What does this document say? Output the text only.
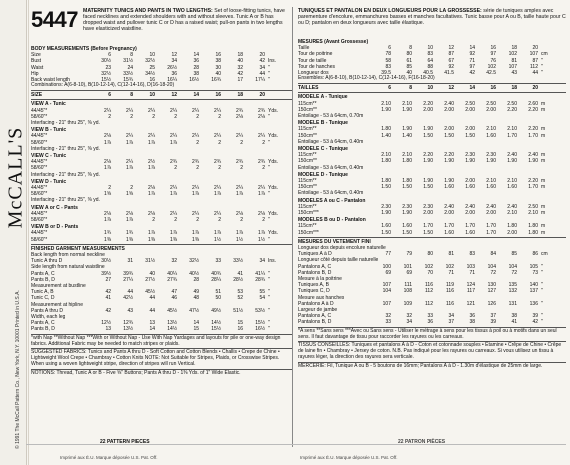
McCALL'S
© 1991 The McCall Pattern Co., New York, N.Y. 10001 Printed in U.S.A.
5447 MATERNITY TUNICS AND PANTS IN TWO LENGTHS: Set of loose-fitting tunics, have faced necklines and extended shoulders with and without sleeves. Tunic A or B has dropped waist and pullover tunic C or D has a raised waist; pull-on pants in two lengths have elasticized waistline.
BODY MEASUREMENTS (Before Pregnancy)
Size	6	8	10	12	14	16	18	20
Bust	30½	31½	32½	34	36	38	40	42 Ins.
Waist	23	24	25	26½	28	30	32	34 "
Hip	32½	33½	34½	36	38	40	42	44 "
Back waist length	15½	15¾	16	16¼	16½	16¾	17	17¼ "
Combinations: A(6-8-10), B(10-12-14), C(12-14-16), D(16-18-20)
SIZE	6	8	10	12	14	16	18	20
VIEW A - Tunic
44/45"*	2¼	2¼	2¼	2¼	2¼	2¼	2¾	2¾ Yds.
58/60"*	2	2	2	2	2	2	2⅛	2⅛ "
Interfacing - 21" thru 25", ⅜ yd.
VIEW B - Tunic
44/45"*	2⅛	2¼	2¼	2¼	2¼	2¼	2¼	2¼ Yds.
58/60"*	1⅞	1⅞	1⅞	1⅞	2	2	2	2 "
Interfacing - 21" thru 25", ⅜ yd.
VIEW C - Tunic
44/45"*	2⅛	2¼	2½	2¾	2¾	2¾	2¾	2¾ Yds.
58/60"*	1⅞	1⅞	1⅞	2	2	2	2	2 "
Interfacing - 21" thru 25", ⅜ yd.
VIEW D - Tunic
44/45"*	2	2	2⅛	2¼	2¼	2¼	2¼	2¼ Yds.
58/60"*	1⅝	1⅝	1⅞	1⅞	1⅞	1⅞	1⅞	1⅞ "
Interfacing - 21" thru 25", ⅜ yd.
VIEW A or C - Pants
44/45"*	2⅛	2⅛	2⅛	2¼	2¼	2¼	2⅛	2⅛ Yds.
58/60"*	1⅞	1⅞	2	2	2	2	2	2 "
VIEW B or D - Pants
44/45"*	1¾	1¾	1⅞	1⅞	1⅞	1⅞	1⅞	1⅞ Yds.
58/60"*	1⅜	1⅜	1⅜	1⅜	1⅜	1½	1½	1½ "
FINISHED GARMENT MEASUREMENTS
Back length from normal neckline
Tunic A thru D	30½	31	31½	32	32½	33	33½	34 Ins.
Side length from natural waistline
Pants A, C	39½	39¾	40	40¼	40½	40¾	41	41¼ "
Pants B, D	27	27¼	27½	27¾	28	28¼	28½	28¾ "
Measurement at bustline
Tunic A, B	42	44	45½	47	49	51	53	55 "
Tunic C, D	41	42½	44	46	48	50	52	54 "
Measurement at hipline
Pants A thru D	42	43	44	45½	47½	49½	51½	53½ "
Width, each leg
Pants A, C	12½	12¾	13	13½	14	14½	15	15½ "
Pants B, D	13	13½	14	14½	15	15½	16	16½ "
*with Nap **Without Nap ***With or Without Nap - Use With Nap Yardages and layouts for pile or one-way design fabrics. Additional Fabric may be needed to match stripes or plaids.
SUGGESTED FABRICS: Tunics and Pants A thru D - Soft Cotton and Cotton Blends • Challis • Crepe de Chine • Lightweight Wool Crepe • Chambray • Cotton Knits NOTE: Not Suitable for Stripes, Plaids, or Crosswise Stripes. When using a woven lightweight stripe, direction of stripes will run Vertical.
NOTIONS: Thread, Tunic A or B - Five ⅝" Buttons; Pants A thru D - 1⅜ Yds. of 1" Wide Elastic.
TUNIQUES ET PANTALON EN DEUX LONGUEURS POUR LA GROSSESSE: série de tuniques amples avec parementure d'encolure, emmanchures basses et manches facultatives. Tunic basse pour A ou B, taille haute pour C ou D; pantalon en deux longueurs avec taille élastique.
MESURES (Avant Grossesse)
Taille	6	8	10	12	14	16	18	20
Tour de poitrine	78	80	83	87	92	97	102	107 cm
Tour de taille	58	61	64	67	71	76	81	87 "
Tour de hanches	83	85	88	92	97	102	107	112 "
Longueur dos	39.5	40	40.5	41.5	42	42.5	43	44 "
Ensembles: A(6-8-10), B(10-12-14), C(12-14-16), F(16-18-20)
TAILLES	6	8	10	12	14	16	18	20
MODELE A - Tunique
115cm**	2.10	2.10	2.20	2.40	2.50	2.50	2.50	2.60 m
150cm**	1.90	1.90	2.00	2.00	2.00	2.00	2.20	2.20 m
Entoilage - 53 à 64cm, 0.70m
MODELE B - Tunique
115cm**	1.80	1.90	1.90	2.00	2.00	2.10	2.10	2.20 m
150cm**	1.40	1.40	1.50	1.50	1.50	1.60	1.70	1.70 m
Entoilage - 53 à 64cm, 0.40m
MODELE C - Tunique
115cm**	2.10	2.10	2.20	2.20	2.30	2.30	2.40	2.40 m
150cm**	1.80	1.80	1.90	1.90	1.90	1.90	1.90	1.90 m
Entoilage - 53 à 64cm, 0.40m
MODELE D - Tunique
115cm**	1.80	1.80	1.90	1.90	2.00	2.10	2.10	2.20 m
150cm**	1.50	1.50	1.50	1.60	1.60	1.60	1.60	1.70 m
Entoilage - 53 à 64cm, 0.40m
MODELES A ou C - Pantalon
115cm**	2.30	2.30	2.30	2.40	2.40	2.40	2.40	2.50 m
150cm***	1.90	1.90	2.00	2.00	2.00	2.00	2.10	2.10 m
MODELES B ou D - Pantalon
115cm**	1.60	1.60	1.70	1.70	1.70	1.70	1.80	1.80 m
150cm***	1.50	1.50	1.50	1.60	1.60	1.70	2.00	1.80 m
MESURES DU VETEMENT FINI
Longueur dos depuis encolure naturelle
Tuniques A à D	77	79	80	81	83	84	85	86 cm
Longueur côté depuis taille naturelle
Pantalons A, C	100	101	102	102	103	104	104	105 "
Pantalons B, D	69	69	70	71	71	72	72	73 "
Mesure à la poitrine
Tuniques A, B	107	111	116	119	124	130	135	140 "
Tuniques C, D	104	108	112	116	117	127	132	137 "
Mesure aux hanches
Pantalons A à D	107	109	112	116	121	126	131	136 "
Largeur de jambe
Pantalons A, C	32	32	33	34	36	37	38	39 "
Pantalons B, D	33	34	36	37	38	39	41	42 "
*A sens **Sans sens ***Avec ou Sans sens - Utiliser le métrage à sens pour les tissus à poil ou à motifs dans un seul sens. Il faut davantage de tissu pour raccorder les rayures ou les carreaux.
TISSUS CONSEILLÉS: Tuniques et pantalons A à D - Coton et cotonnade souples • Étamine • Crêpe de Chine • Crêpe de laine fin • Chambray • Jersey de coton. N.B. Pas indiqué pour les rayures ou carreaux. Si vous utilisez un tissu à rayures léger, la direction des rayures sera verticale.
MERCERIE: Fil, Tunique A ou B - 5 boutons de 16mm; Pantalons A à D - 1.30m d'élastique de 25mm de large.
22 PATTERN PIECES	22 PATRON PIÈCES
Imprimé aux É.U. Marque déposée U.S. Pat. Off.	Imprimé aux É.U. Marque déposée U.S. Pat. Off.
